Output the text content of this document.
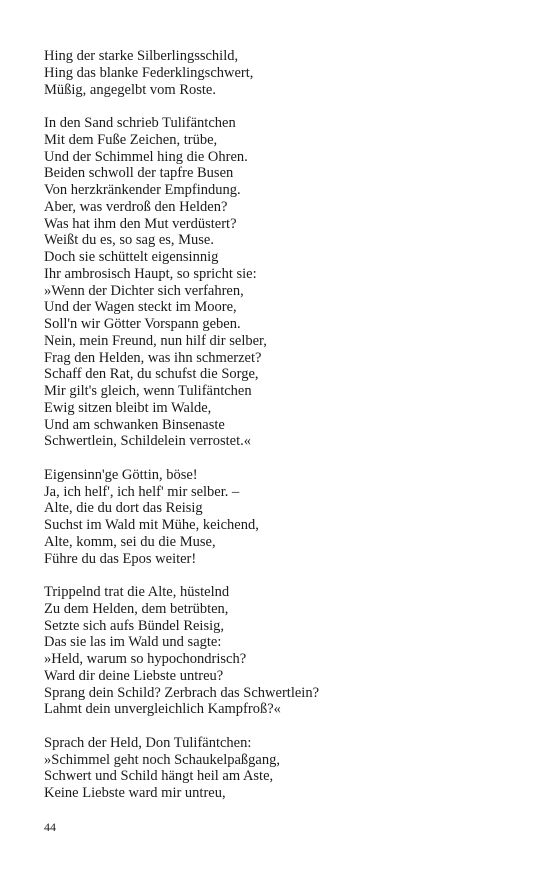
Hing der starke Silberlingsschild,
Hing das blanke Federklingschwert,
Müßig, angegelbt vom Roste.
In den Sand schrieb Tulifäntchen
Mit dem Fuße Zeichen, trübe,
Und der Schimmel hing die Ohren.
Beiden schwoll der tapfre Busen
Von herzkränkender Empfindung.
Aber, was verdroß den Helden?
Was hat ihm den Mut verdüstert?
Weißt du es, so sag es, Muse.
Doch sie schüttelt eigensinnig
Ihr ambrosisch Haupt, so spricht sie:
»Wenn der Dichter sich verfahren,
Und der Wagen steckt im Moore,
Soll'n wir Götter Vorspann geben.
Nein, mein Freund, nun hilf dir selber,
Frag den Helden, was ihn schmerzet?
Schaff den Rat, du schufst die Sorge,
Mir gilt's gleich, wenn Tulifäntchen
Ewig sitzen bleibt im Walde,
Und am schwanken Binsenaste
Schwertlein, Schildelein verrostet.«
Eigensinn'ge Göttin, böse!
Ja, ich helf', ich helf' mir selber. –
Alte, die du dort das Reisig
Suchst im Wald mit Mühe, keichend,
Alte, komm, sei du die Muse,
Führe du das Epos weiter!
Trippelnd trat die Alte, hüstelnd
Zu dem Helden, dem betrübten,
Setzte sich aufs Bündel Reisig,
Das sie las im Wald und sagte:
»Held, warum so hypochondrisch?
Ward dir deine Liebste untreu?
Sprang dein Schild? Zerbrach das Schwertlein?
Lahmt dein unvergleichlich Kampfroß?«
Sprach der Held, Don Tulifäntchen:
»Schimmel geht noch Schaukelpaßgang,
Schwert und Schild hängt heil am Aste,
Keine Liebste ward mir untreu,
44
